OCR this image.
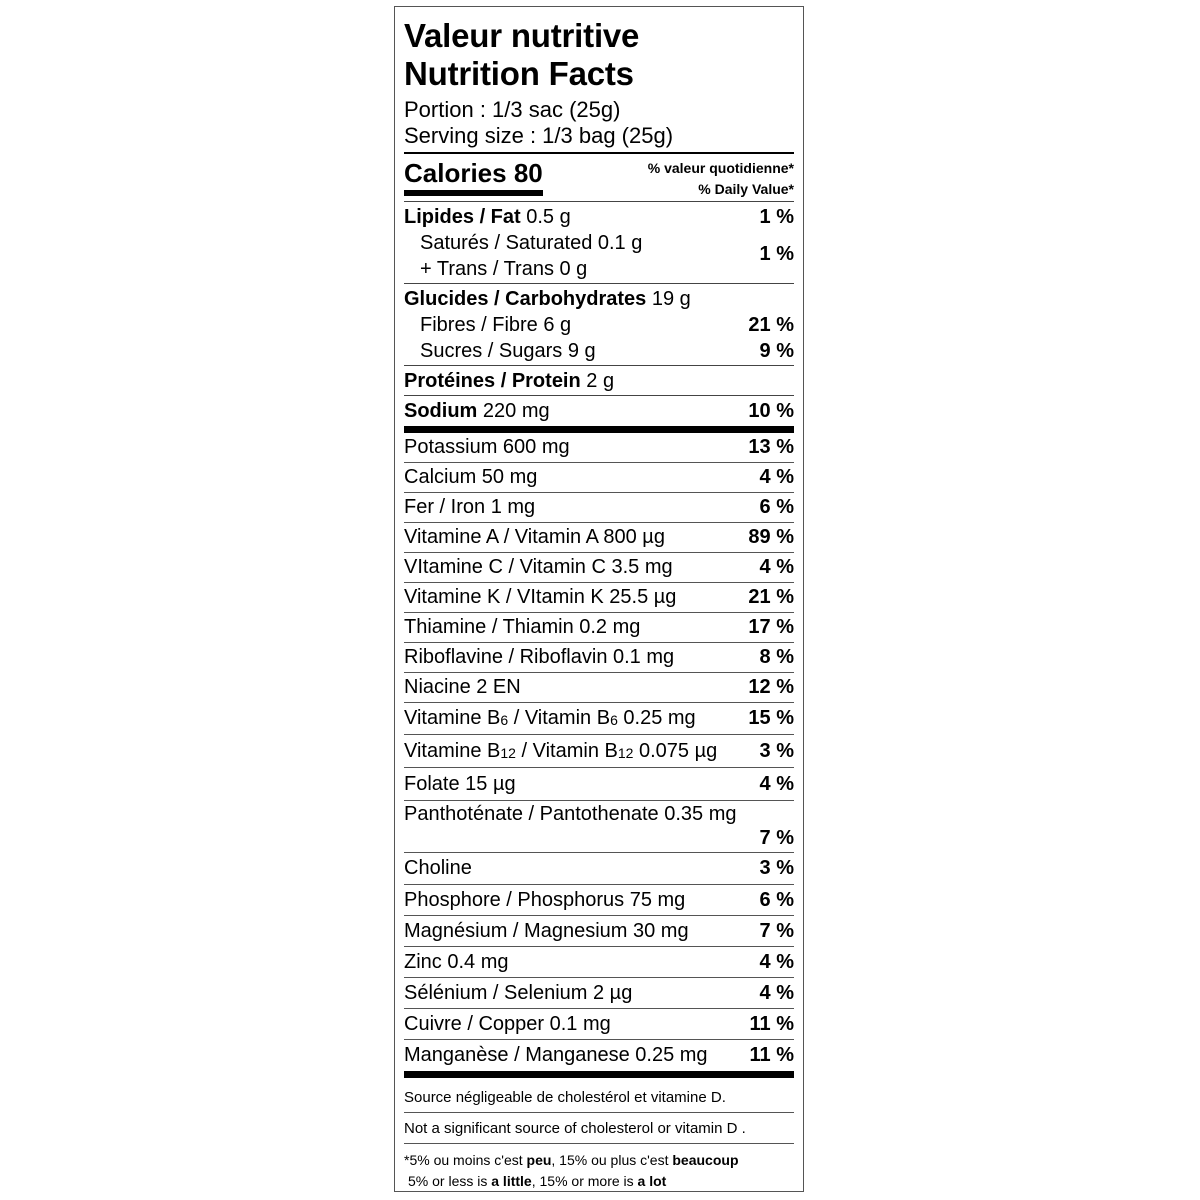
Valeur nutritive
Nutrition Facts
Portion : 1/3 sac (25g)
Serving size : 1/3 bag (25g)
Calories 80	% valeur quotidienne*
% Daily Value*
Lipides / Fat 0.5 g	1 %
Saturés / Saturated 0.1 g
+ Trans / Trans 0 g
1 %
Glucides / Carbohydrates 19 g
Fibres / Fibre 6 g	21 %
Sucres / Sugars 9 g	9 %
Protéines / Protein 2 g
Sodium 220 mg	10 %
Potassium 600 mg	13 %
Calcium 50 mg	4 %
Fer / Iron 1 mg	6 %
Vitamine A / Vitamin A 800 µg	89 %
VItamine C / Vitamin C 3.5 mg	4 %
Vitamine K / VItamin K 25.5 µg	21 %
Thiamine / Thiamin 0.2 mg	17 %
Riboflavine / Riboflavin 0.1 mg	8 %
Niacine 2 EN	12 %
Vitamine $B_6$ / Vitamin $B_6$ 0.25 mg	15 %
Vitamine $B_{12}$ / Vitamin $B_{12}$ 0.075 µg 3 %
Folate 15 µg	4 %
Panthoténate / Pantothenate 0.35 mg
7 %
Choline	3 %
Phosphore / Phosphorus 75 mg	6 %
Magnésium / Magnesium 30 mg	7 %
Zinc 0.4 mg	4 %
Sélénium / Selenium 2 µg	4 %
Cuivre / Copper 0.1 mg	11 %
Manganèse / Manganese 0.25 mg 11 %
Source négligeable de cholestérol et vitamine D.
Not a significant source of cholesterol or vitamin D .
*5% ou moins c'est peu, 15% ou plus c'est beaucoup
5% or less is a little, 15% or more is a lot
